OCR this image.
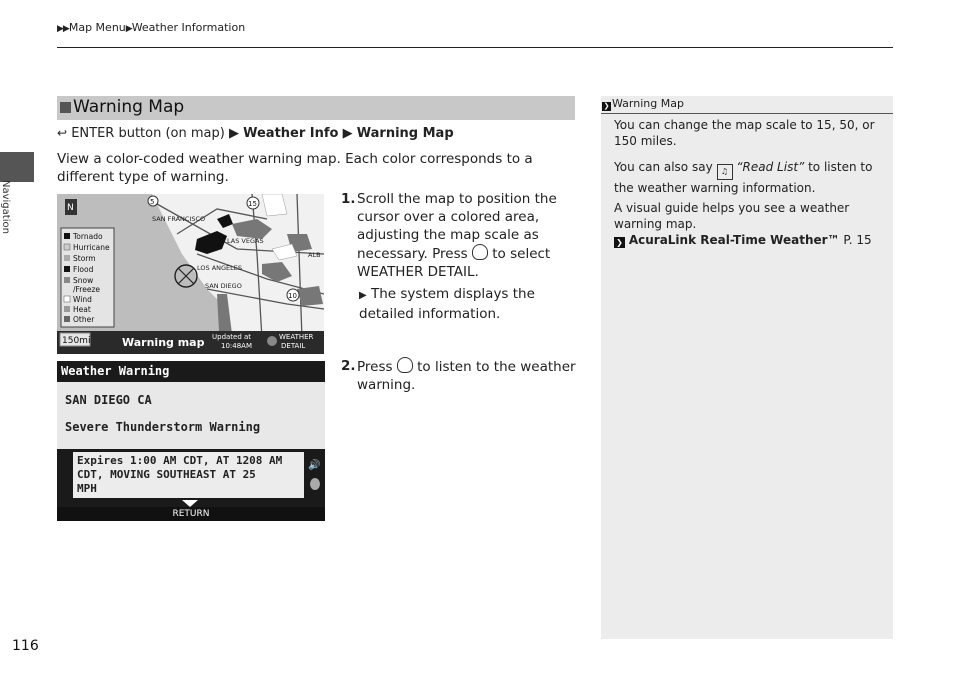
▶▶Map Menu▶Weather Information
Navigation
116
Warning Map
↩ ENTER button (on map) ▶ Weather Info ▶ Warning Map
View a color-coded weather warning map. Each color corresponds to a different type of warning.
Tornado
Hurricane
Storm
Flood
Snow
/Freeze
Wind
Heat
Other
N
SAN FRANCISCO
LAS VEGAS
LOS ANGELES
SAN DIEGO
ALB
5	15
10
150mi	Warning map Updated at
10:48AM
WEATHER
DETAIL
Weather Warning
SAN DIEGO CA
Severe Thunderstorm Warning
Expires 1:00 AM CDT, AT 1208 AM
CDT, MOVING SOUTHEAST AT 25
MPH
🔊
RETURN
1. Scroll the map to position the cursor over a colored area, adjusting the map scale as necessary. Press to select WEATHER DETAIL.
▶ The system displays the detailed information.
2. Press to listen to the weather warning.
You can change the map scale to 15, 50, or 150 miles.
You can also say ♫ “Read List” to listen to the weather warning information.
A visual guide helps you see a weather warning map.
❯ AcuraLink Real-Time Weather™ P. 15
❯ Warning Map
